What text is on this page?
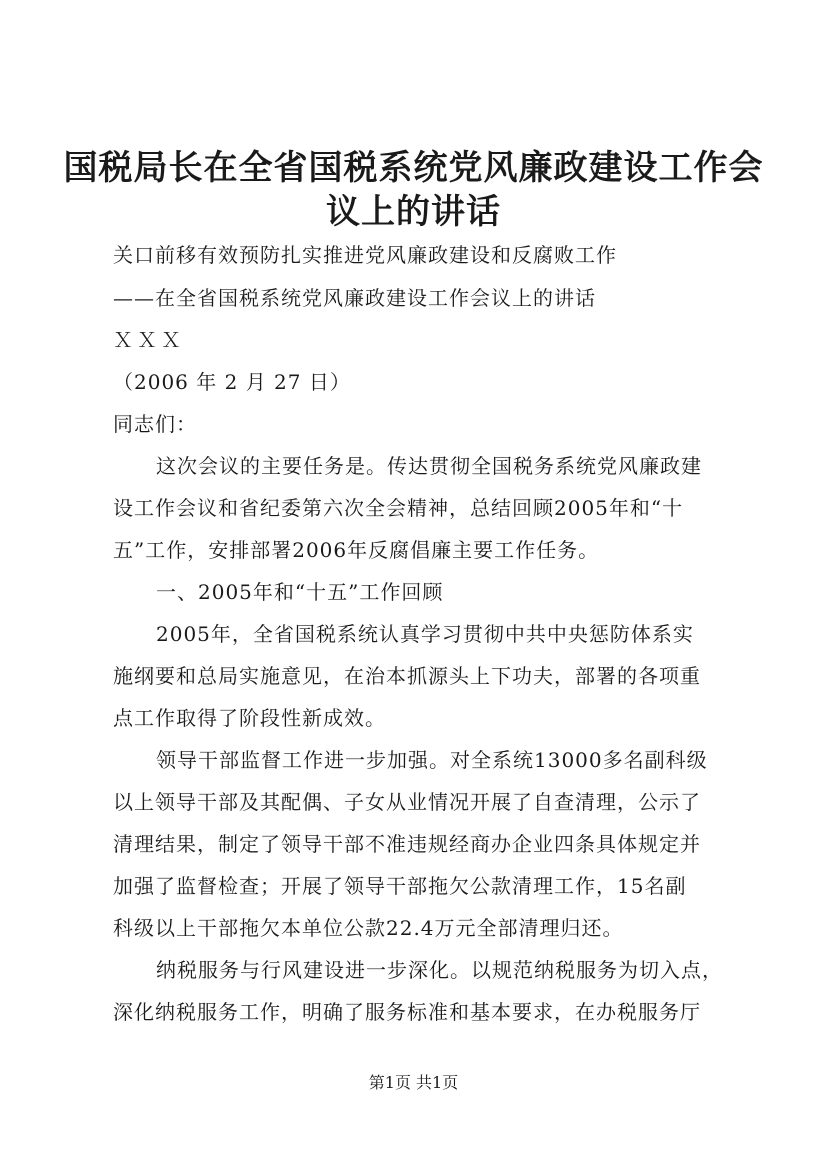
国税局长在全省国税系统党风廉政建设工作会
议上的讲话
关口前移有效预防扎实推进党风廉政建设和反腐败工作
——在全省国税系统党风廉政建设工作会议上的讲话
ＸＸＸ
（2006 年 2 月 27 日）
同志们：
这次会议的主要任务是。传达贯彻全国税务系统党风廉政建
设工作会议和省纪委第六次全会精神，总结回顾2005年和“十
五”工作，安排部署2006年反腐倡廉主要工作任务。
一、2005年和“十五”工作回顾
2005年，全省国税系统认真学习贯彻中共中央惩防体系实
施纲要和总局实施意见，在治本抓源头上下功夫，部署的各项重
点工作取得了阶段性新成效。
领导干部监督工作进一步加强。对全系统13000多名副科级
以上领导干部及其配偶、子女从业情况开展了自查清理，公示了
清理结果，制定了领导干部不准违规经商办企业四条具体规定并
加强了监督检查；开展了领导干部拖欠公款清理工作，15名副
科级以上干部拖欠本单位公款22.4万元全部清理归还。
纳税服务与行风建设进一步深化。以规范纳税服务为切入点，
深化纳税服务工作，明确了服务标准和基本要求，在办税服务厅
第1页 共1页
